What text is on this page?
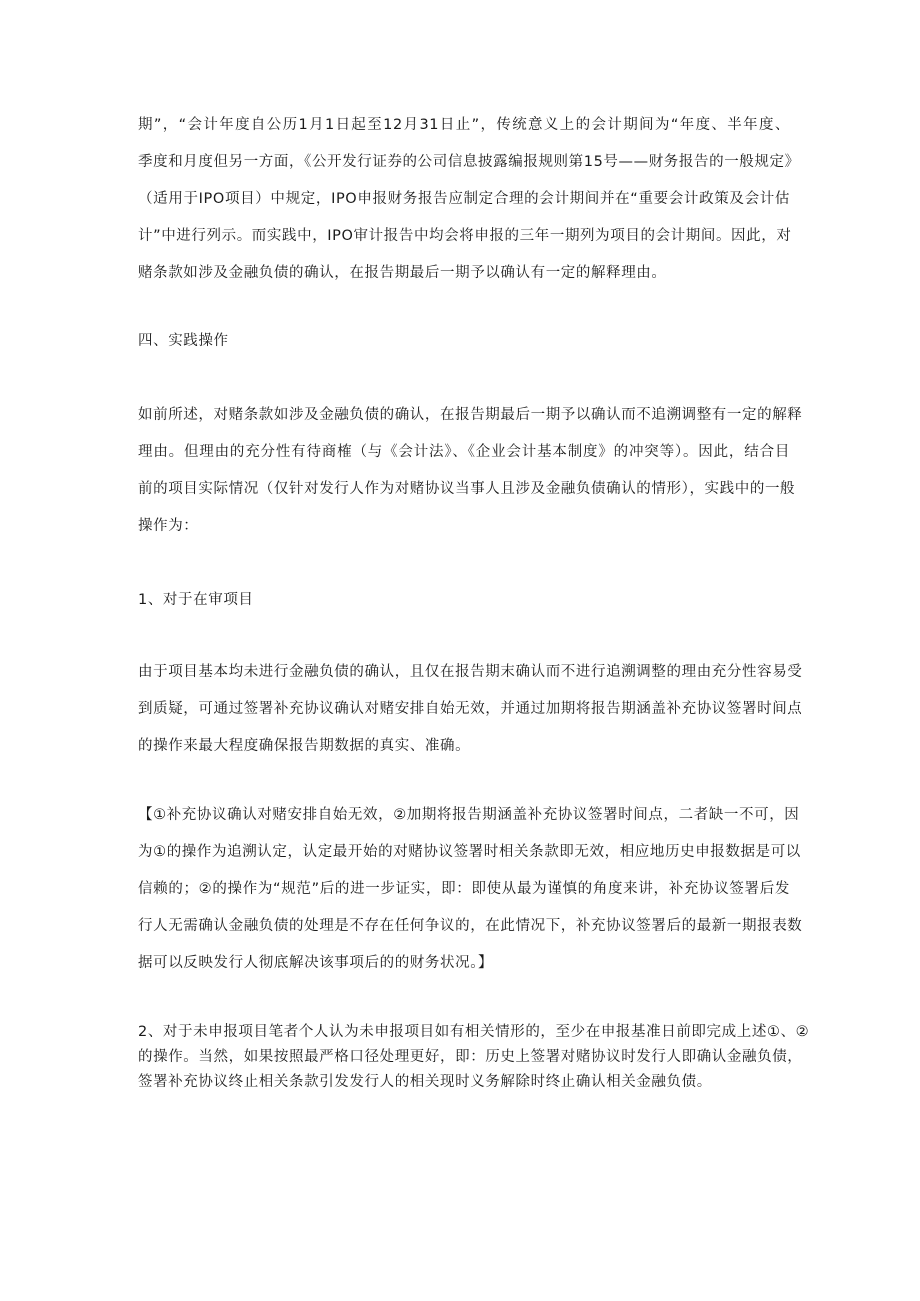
期”，“会计年度自公历1月1日起至12月31日止”，传统意义上的会计期间为“年度、半年度、
季度和月度但另一方面，《公开发行证券的公司信息披露编报规则第15号——财务报告的一般规定》
（适用于IPO项目）中规定，IPO申报财务报告应制定合理的会计期间并在“重要会计政策及会计估
计”中进行列示。而实践中，IPO审计报告中均会将申报的三年一期列为项目的会计期间。因此，对
赌条款如涉及金融负债的确认，在报告期最后一期予以确认有一定的解释理由。
四、实践操作
如前所述，对赌条款如涉及金融负债的确认，在报告期最后一期予以确认而不追溯调整有一定的解释
理由。但理由的充分性有待商榷（与《会计法》、《企业会计基本制度》的冲突等）。因此，结合目
前的项目实际情况（仅针对发行人作为对赌协议当事人且涉及金融负债确认的情形），实践中的一般
操作为：
1、对于在审项目
由于项目基本均未进行金融负债的确认，且仅在报告期末确认而不进行追溯调整的理由充分性容易受
到质疑，可通过签署补充协议确认对赌安排自始无效，并通过加期将报告期涵盖补充协议签署时间点
的操作来最大程度确保报告期数据的真实、准确。
【①补充协议确认对赌安排自始无效，②加期将报告期涵盖补充协议签署时间点，二者缺一不可，因
为①的操作为追溯认定，认定最开始的对赌协议签署时相关条款即无效，相应地历史申报数据是可以
信赖的；②的操作为“规范”后的进一步证实，即：即使从最为谨慎的角度来讲，补充协议签署后发
行人无需确认金融负债的处理是不存在任何争议的，在此情况下，补充协议签署后的最新一期报表数
据可以反映发行人彻底解决该事项后的的财务状况。】
2、对于未申报项目笔者个人认为未申报项目如有相关情形的，至少在申报基准日前即完成上述①、②
的操作。当然，如果按照最严格口径处理更好，即：历史上签署对赌协议时发行人即确认金融负债，
签署补充协议终止相关条款引发发行人的相关现时义务解除时终止确认相关金融负债。
